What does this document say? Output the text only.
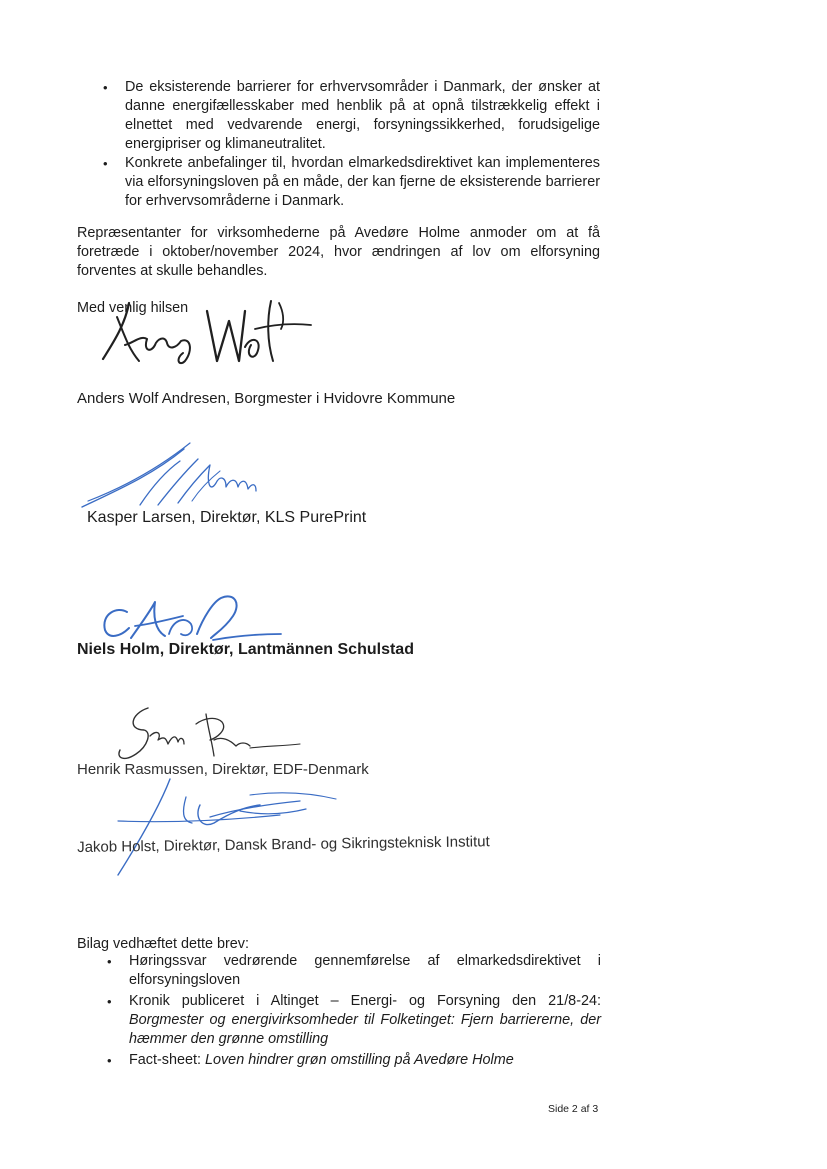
• De eksisterende barrierer for erhvervsområder i Danmark, der ønsker at danne energifællesskaber med henblik på at opnå tilstrækkelig effekt i elnettet med vedvarende energi, forsyningssikkerhed, forudsigelige energipriser og klimaneutralitet.
• Konkrete anbefalinger til, hvordan elmarkedsdirektivet kan implementeres via elforsyningsloven på en måde, der kan fjerne de eksisterende barrierer for erhvervsområderne i Danmark.

Repræsentanter for virksomhederne på Avedøre Holme anmoder om at få foretræde i oktober/november 2024, hvor ændringen af lov om elforsyning forventes at skulle behandles.

Med venlig hilsen
Anders Wolf Andresen, Borgmester i Hvidovre Kommune
Kasper Larsen, Direktør, KLS PurePrint
Niels Holm, Direktør, Lantmännen Schulstad
Henrik Rasmussen, Direktør, EDF-Denmark
Jakob Holst, Direktør, Dansk Brand- og Sikringsteknisk Institut
Bilag vedhæftet dette brev:
• Høringssvar vedrørende gennemførelse af elmarkedsdirektivet i elforsyningsloven
• Kronik publiceret i Altinget – Energi- og Forsyning den 21/8-24: Borgmester og energivirksomheder til Folketinget: Fjern barriererne, der hæmmer den grønne omstilling
• Fact-sheet: Loven hindrer grøn omstilling på Avedøre Holme
Side 2 af 3
